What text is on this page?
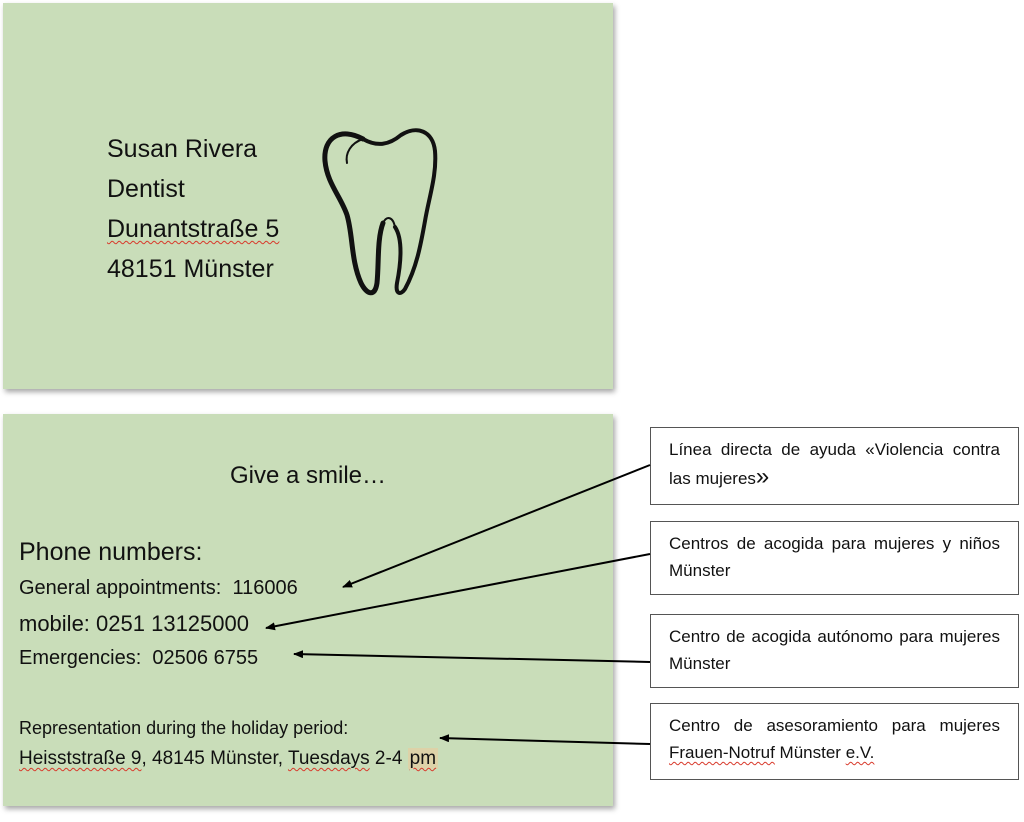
Susan Rivera
Dentist
Dunantstraße 5
48151 Münster
Give a smile…
Phone numbers:
General appointments: 116006
mobile: 0251 13125000
Emergencies: 02506 6755
Representation during the holiday period:
Heisststraße 9, 48145 Münster, Tuesdays 2-4 pm
Línea directa de ayuda «Violencia contra las mujeres»
Centros de acogida para mujeres y niños Münster
Centro de acogida autónomo para mujeres Münster
Centro de asesoramiento para mujeres Frauen-Notruf Münster e.V.
